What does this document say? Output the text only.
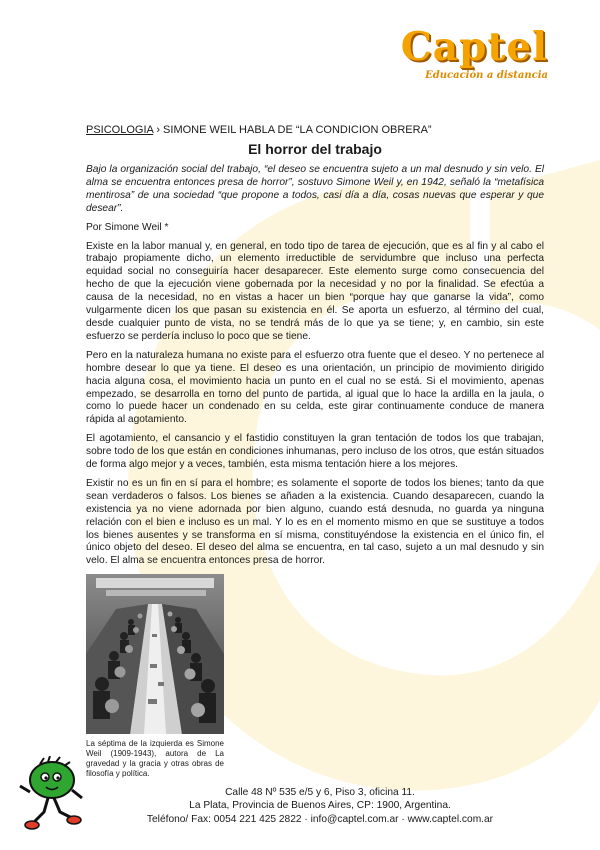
Captel
Educación a distancia
PSICOLOGIA › SIMONE WEIL HABLA DE “LA CONDICION OBRERA”
El horror del trabajo

Bajo la organización social del trabajo, “el deseo se encuentra sujeto a un mal desnudo y sin velo. El alma se encuentra entonces presa de horror”, sostuvo Simone Weil y, en 1942, señaló la “metafísica mentirosa” de una sociedad “que propone a todos, casi día a día, cosas nuevas que esperar y que desear”.

Por Simone Weil *

Existe en la labor manual y, en general, en todo tipo de tarea de ejecución, que es al fin y al cabo el trabajo propiamente dicho, un elemento irreductible de servidumbre que incluso una perfecta equidad social no conseguiría hacer desaparecer. Este elemento surge como consecuencia del hecho de que la ejecución viene gobernada por la necesidad y no por la finalidad. Se efectúa a causa de la necesidad, no en vistas a hacer un bien “porque hay que ganarse la vida”, como vulgarmente dicen los que pasan su existencia en él. Se aporta un esfuerzo, al término del cual, desde cualquier punto de vista, no se tendrá más de lo que ya se tiene; y, en cambio, sin este esfuerzo se perdería incluso lo poco que se tiene.

Pero en la naturaleza humana no existe para el esfuerzo otra fuente que el deseo. Y no pertenece al hombre desear lo que ya tiene. El deseo es una orientación, un principio de movimiento dirigido hacia alguna cosa, el movimiento hacia un punto en el cual no se está. Si el movimiento, apenas empezado, se desarrolla en torno del punto de partida, al igual que lo hace la ardilla en la jaula, o como lo puede hacer un condenado en su celda, este girar continuamente conduce de manera rápida al agotamiento.

El agotamiento, el cansancio y el fastidio constituyen la gran tentación de todos los que trabajan, sobre todo de los que están en condiciones inhumanas, pero incluso de los otros, que están situados de forma algo mejor y a veces, también, esta misma tentación hiere a los mejores.

Existir no es un fin en sí para el hombre; es solamente el soporte de todos los bienes; tanto da que sean verdaderos o falsos. Los bienes se añaden a la existencia. Cuando desaparecen, cuando la existencia ya no viene adornada por bien alguno, cuando está desnuda, no guarda ya ninguna relación con el bien e incluso es un mal. Y lo es en el momento mismo en que se sustituye a todos los bienes ausentes y se transforma en sí misma, constituyéndose la existencia en el único fin, el único objeto del deseo. El deseo del alma se encuentra, en tal caso, sujeto a un mal desnudo y sin velo. El alma se encuentra entonces presa de horror.

La séptima de la izquierda es Simone Weil (1909-1943), autora de La gravedad y la gracia y otras obras de filosofía y política.
Calle 48 Nº 535 e/5 y 6, Piso 3, oficina 11.
La Plata, Provincia de Buenos Aires, CP: 1900, Argentina.
Teléfono/ Fax: 0054 221 425 2822 · info@captel.com.ar · www.captel.com.ar
